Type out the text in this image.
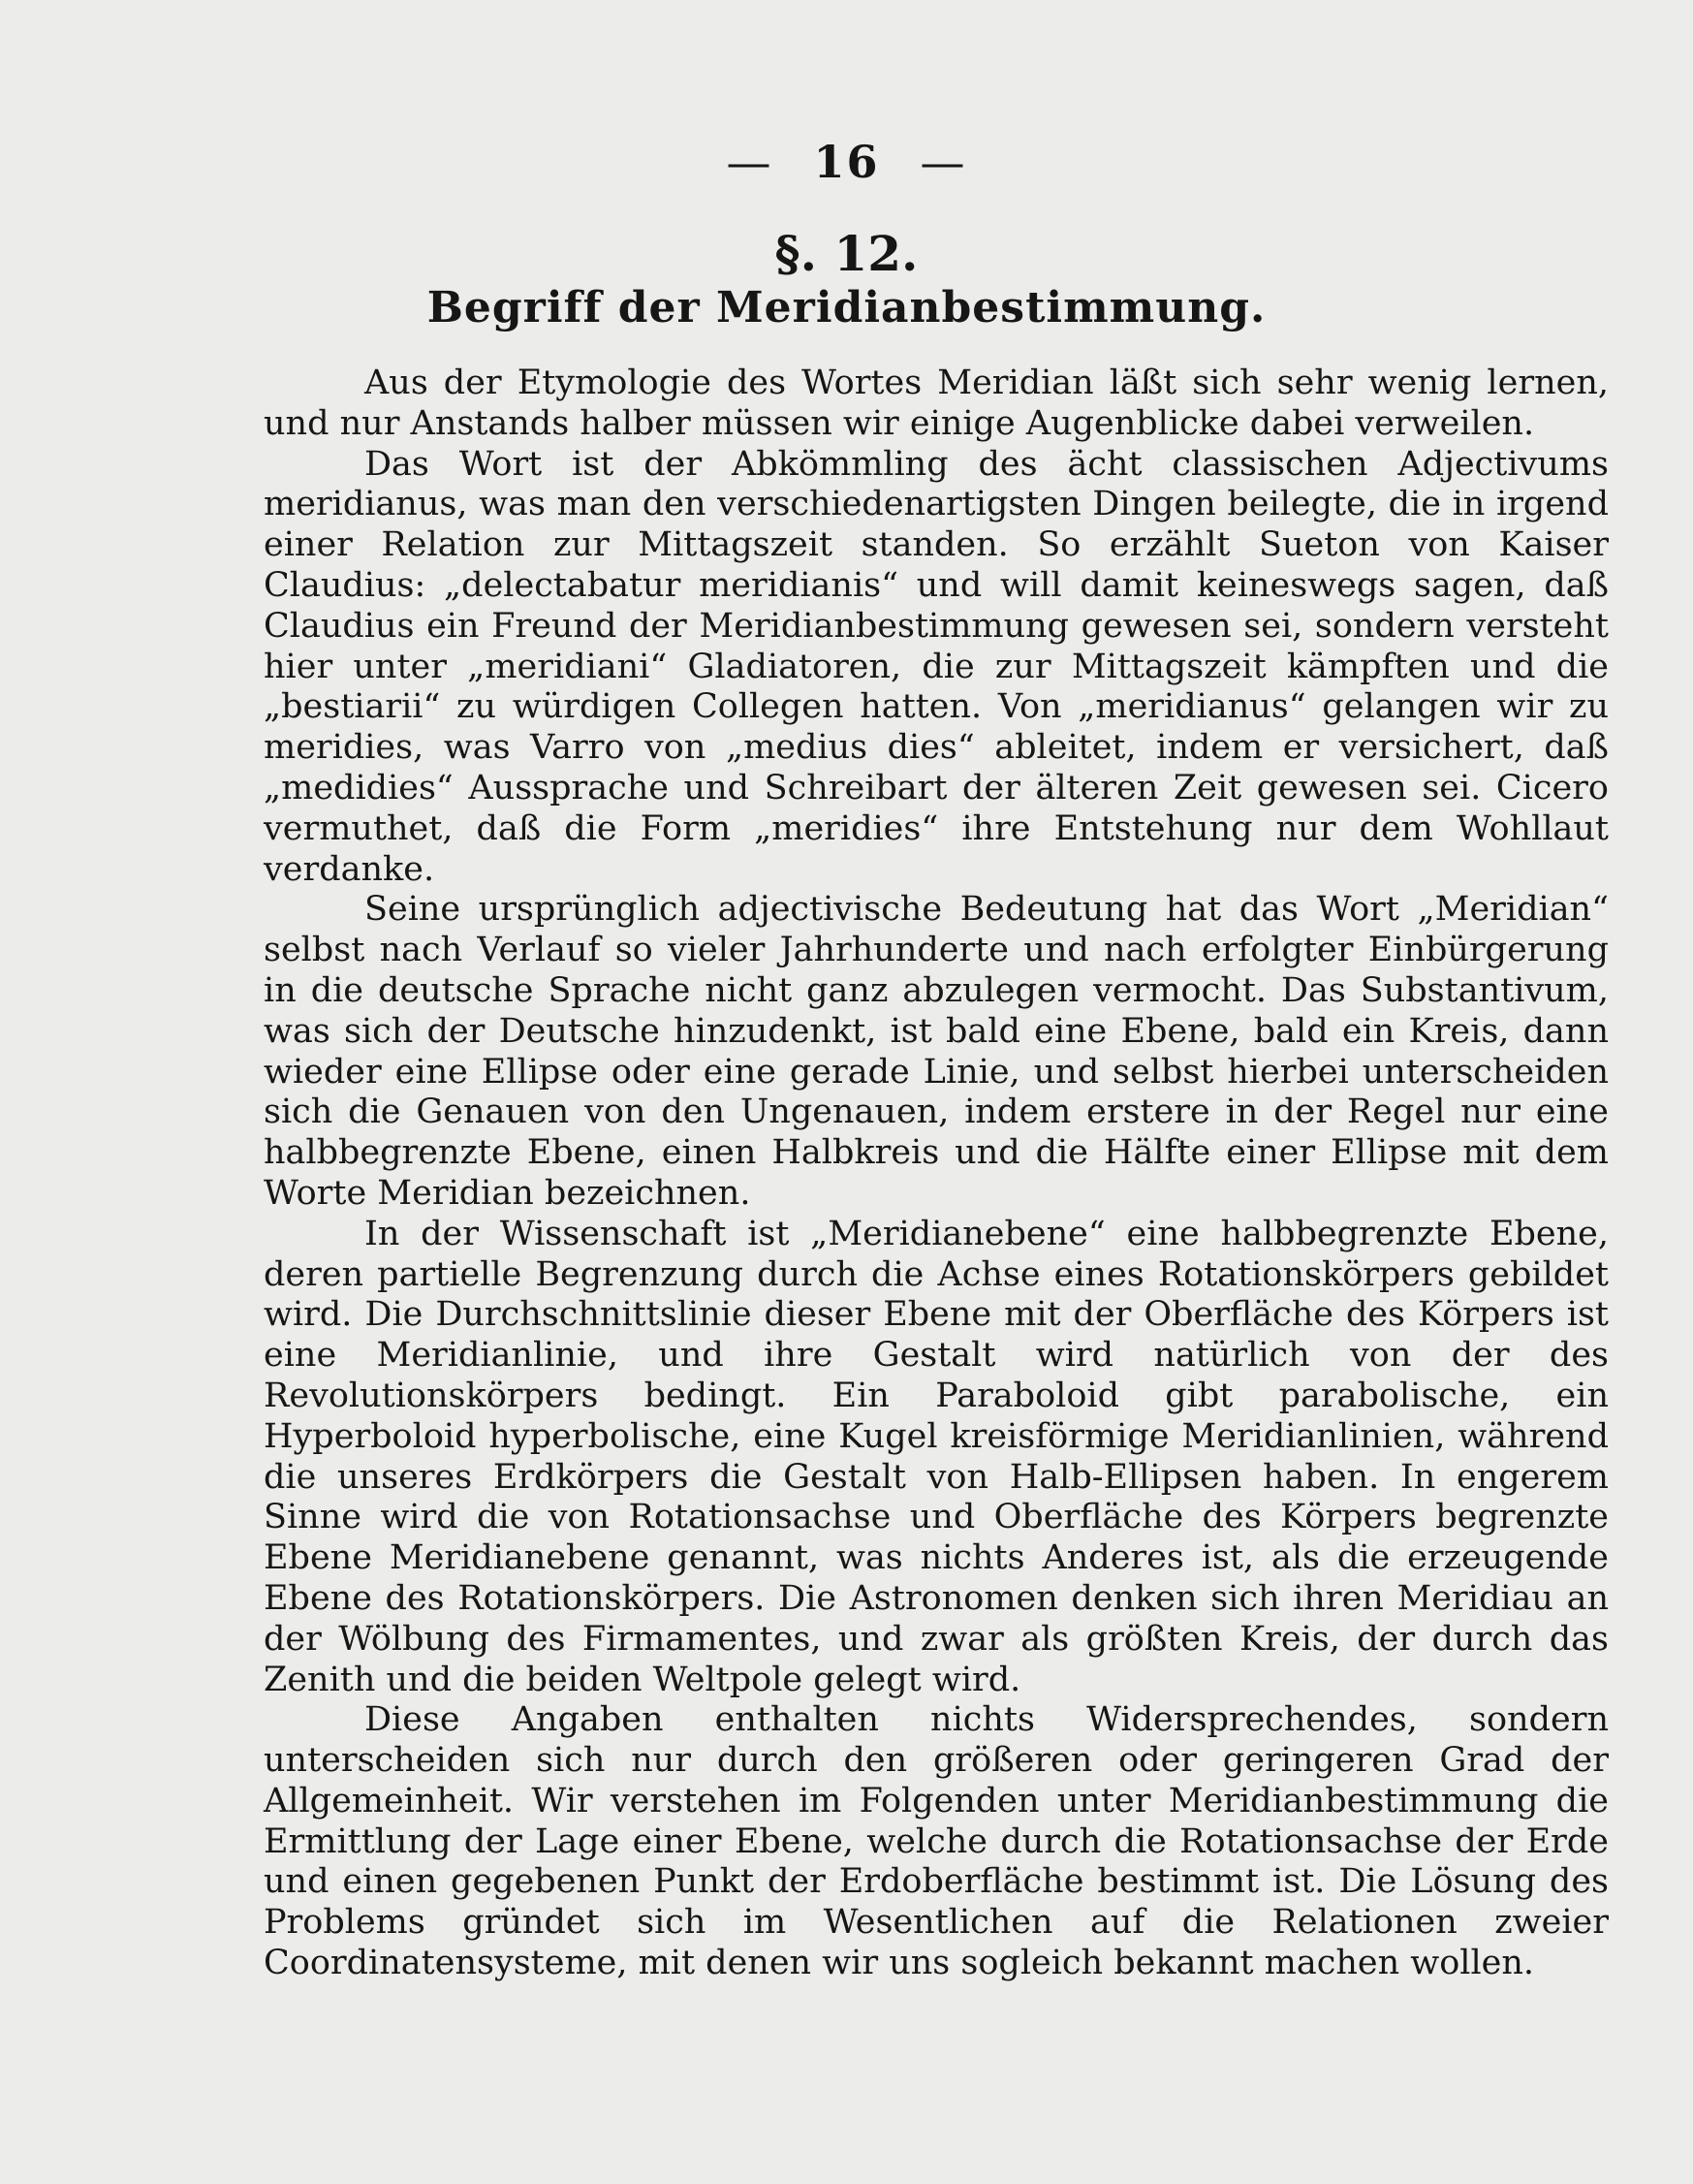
— 16 —
§. 12.
Begriff der Meridianbestimmung.

Aus der Etymologie des Wortes Meridian läßt sich sehr wenig lernen, und nur Anstands halber müssen wir einige Augenblicke dabei verweilen.

Das Wort ist der Abkömmling des ächt classischen Adjectivums meridianus, was man den verschiedenartigsten Dingen beilegte, die in irgend einer Relation zur Mittagszeit standen. So erzählt Sueton von Kaiser Claudius: „delectabatur meridianis“ und will damit keineswegs sagen, daß Claudius ein Freund der Meridianbestimmung gewesen sei, sondern versteht hier unter „meridiani“ Gladiatoren, die zur Mittagszeit kämpften und die „bestiarii“ zu würdigen Collegen hatten. Von „meridianus“ gelangen wir zu meridies, was Varro von „medius dies“ ableitet, indem er versichert, daß „medidies“ Aussprache und Schreibart der älteren Zeit gewesen sei. Cicero vermuthet, daß die Form „meridies“ ihre Entstehung nur dem Wohllaut verdanke.

Seine ursprünglich adjectivische Bedeutung hat das Wort „Meridian“ selbst nach Verlauf so vieler Jahrhunderte und nach erfolgter Einbürgerung in die deutsche Sprache nicht ganz abzulegen vermocht. Das Substantivum, was sich der Deutsche hinzudenkt, ist bald eine Ebene, bald ein Kreis, dann wieder eine Ellipse oder eine gerade Linie, und selbst hierbei unterscheiden sich die Genauen von den Ungenauen, indem erstere in der Regel nur eine halbbegrenzte Ebene, einen Halbkreis und die Hälfte einer Ellipse mit dem Worte Meridian bezeichnen.

In der Wissenschaft ist „Meridianebene“ eine halbbegrenzte Ebene, deren partielle Begrenzung durch die Achse eines Rotationskörpers gebildet wird. Die Durchschnittslinie dieser Ebene mit der Oberfläche des Körpers ist eine Meridianlinie, und ihre Gestalt wird natürlich von der des Revolutionskörpers bedingt. Ein Paraboloid gibt parabolische, ein Hyperboloid hyperbolische, eine Kugel kreisförmige Meridianlinien, während die unseres Erdkörpers die Gestalt von Halb-Ellipsen haben. In engerem Sinne wird die von Rotationsachse und Oberfläche des Körpers begrenzte Ebene Meridianebene genannt, was nichts Anderes ist, als die erzeugende Ebene des Rotationskörpers. Die Astronomen denken sich ihren Meridiau an der Wölbung des Firmamentes, und zwar als größten Kreis, der durch das Zenith und die beiden Weltpole gelegt wird.

Diese Angaben enthalten nichts Widersprechendes, sondern unterscheiden sich nur durch den größeren oder geringeren Grad der Allgemeinheit. Wir verstehen im Folgenden unter Meridianbestimmung die Ermittlung der Lage einer Ebene, welche durch die Rotationsachse der Erde und einen gegebenen Punkt der Erdoberfläche bestimmt ist. Die Lösung des Problems gründet sich im Wesentlichen auf die Relationen zweier Coordinatensysteme, mit denen wir uns sogleich bekannt machen wollen.
